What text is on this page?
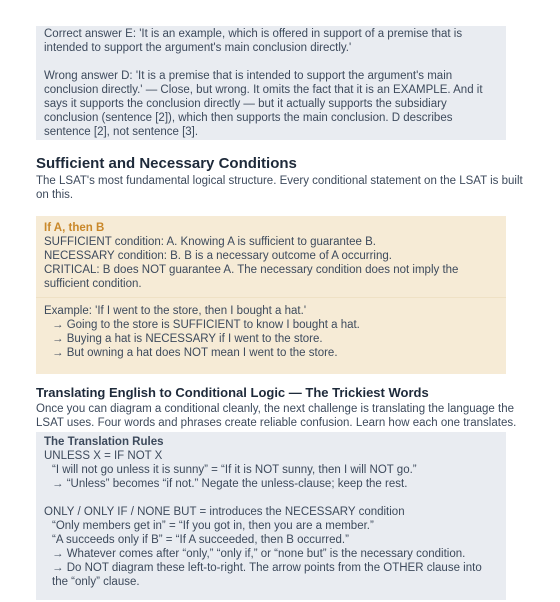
Correct answer E: 'It is an example, which is offered in support of a premise that is intended to support the argument's main conclusion directly.'

Wrong answer D: 'It is a premise that is intended to support the argument's main conclusion directly.' — Close, but wrong. It omits the fact that it is an EXAMPLE. And it says it supports the conclusion directly — but it actually supports the subsidiary conclusion (sentence [2]), which then supports the main conclusion. D describes sentence [2], not sentence [3].

Sufficient and Necessary Conditions

The LSAT's most fundamental logical structure. Every conditional statement on the LSAT is built on this.

If A, then B

SUFFICIENT condition: A. Knowing A is sufficient to guarantee B.

NECESSARY condition: B. B is a necessary outcome of A occurring.

CRITICAL: B does NOT guarantee A. The necessary condition does not imply the sufficient condition.

Example: 'If I went to the store, then I bought a hat.'

→ Going to the store is SUFFICIENT to know I bought a hat.

→ Buying a hat is NECESSARY if I went to the store.

→ But owning a hat does NOT mean I went to the store.

Translating English to Conditional Logic — The Trickiest Words

Once you can diagram a conditional cleanly, the next challenge is translating the language the LSAT uses. Four words and phrases create reliable confusion. Learn how each one translates.

The Translation Rules

UNLESS X = IF NOT X

“I will not go unless it is sunny” = “If it is NOT sunny, then I will NOT go.”

→ “Unless” becomes “if not.” Negate the unless-clause; keep the rest.

ONLY / ONLY IF / NONE BUT = introduces the NECESSARY condition

“Only members get in” = “If you got in, then you are a member.”

“A succeeds only if B” = “If A succeeded, then B occurred.”

→ Whatever comes after “only,” “only if,” or “none but” is the necessary condition.

→ Do NOT diagram these left-to-right. The arrow points from the OTHER clause into the “only” clause.
